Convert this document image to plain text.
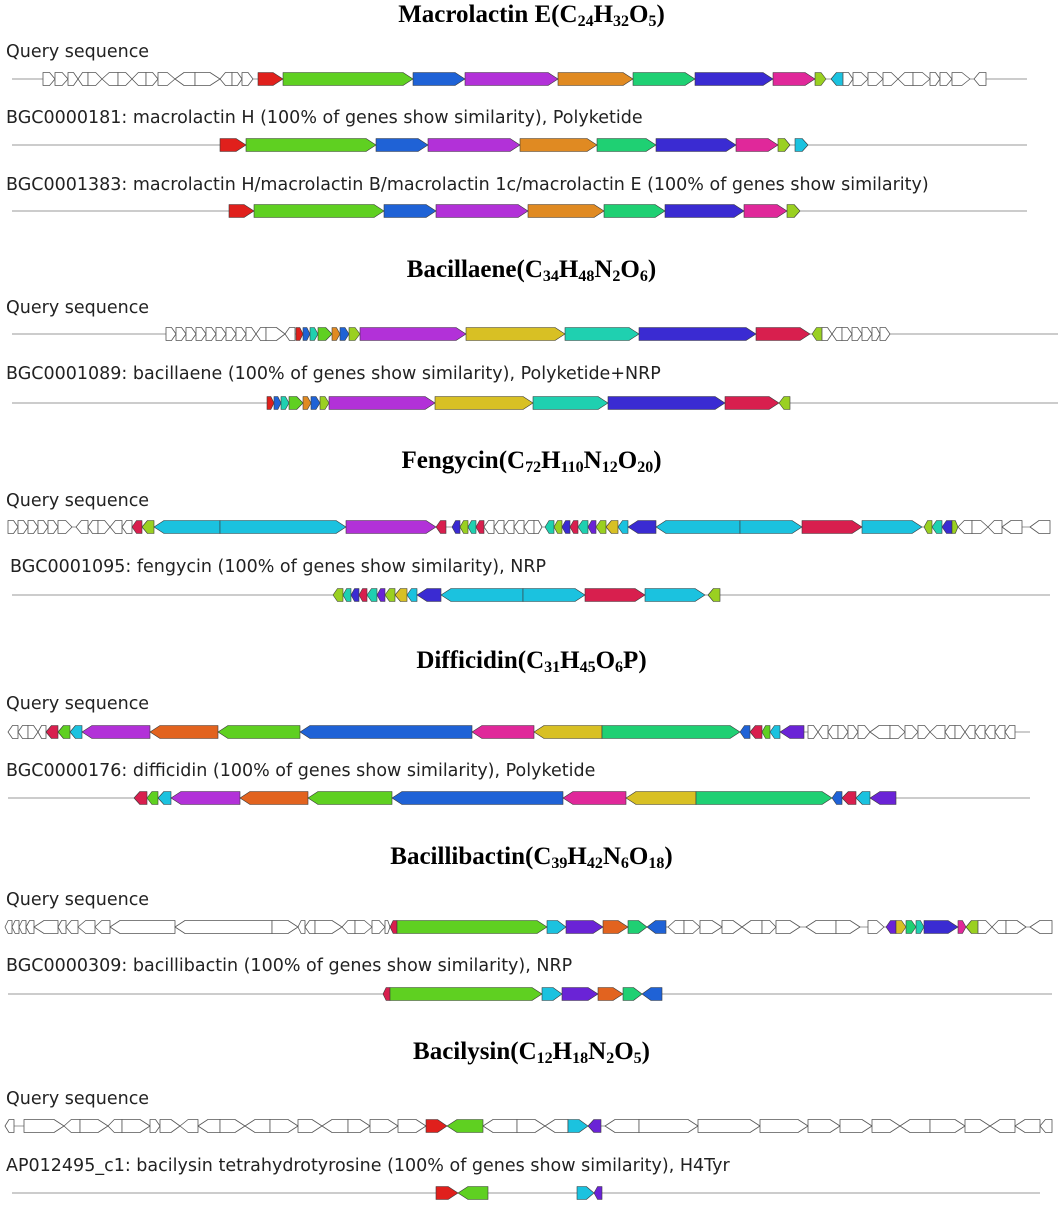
Macrolactin $E(C_{24}H_{32}O_5)$
Query sequence
BGC0000181: macrolactin H (100% of genes show similarity), Polyketide
BGC0001383: macrolactin H/macrolactin B/macrolactin 1c/macrolactin E (100% of genes show similarity)
$Bacillaene(C_{34}H_{48}N_2O_6)$
Query sequence
BGC0001089: bacillaene (100% of genes show similarity), Polyketide+NRP
$Fengycin(C_{72}H_{110}N_{12}O_{20})$
Query sequence
BGC0001095: fengycin (100% of genes show similarity), NRP
$Difficidin(C_{31}H_{45}O_6P)$
Query sequence
BGC0000176: difficidin (100% of genes show similarity), Polyketide
$Bacillibactin(C_{39}H_{42}N_6O_{18})$
Query sequence
BGC0000309: bacillibactin (100% of genes show similarity), NRP
$Bacilysin(C_{12}H_{18}N_2O_5)$
Query sequence
AP012495_c1: bacilysin tetrahydrotyrosine (100% of genes show similarity), H4Tyr
